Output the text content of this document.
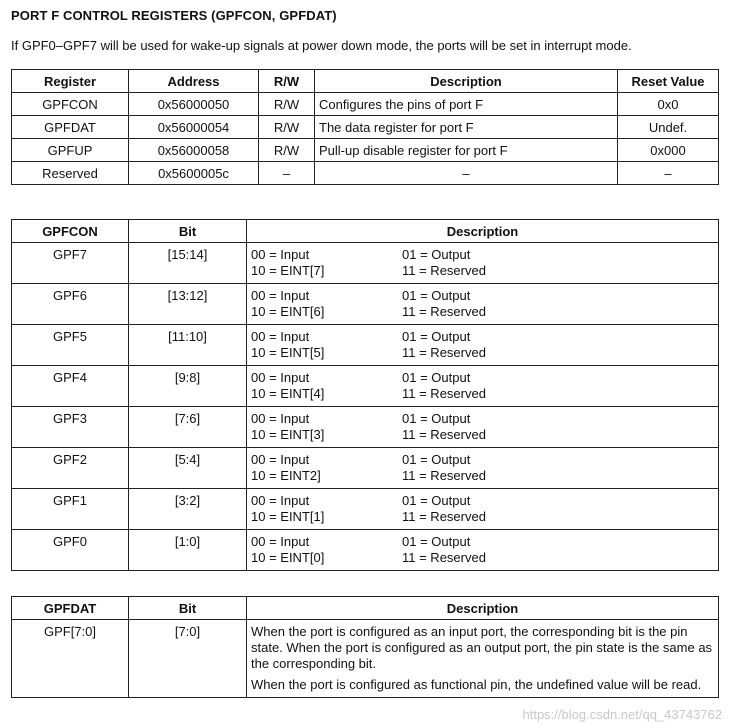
PORT F CONTROL REGISTERS (GPFCON, GPFDAT)
If GPF0–GPF7 will be used for wake-up signals at power down mode, the ports will be set in interrupt mode.
Register	Address	R/W	Description	Reset Value
GPFCON	0x56000050	R/W	Configures the pins of port F	0x0
GPFDAT	0x56000054	R/W	The data register for port F	Undef.
GPFUP	0x56000058	R/W	Pull-up disable register for port F	0x000
Reserved	0x5600005c	–	–	–
GPFCON	Bit	Description
GPF7	[15:14]	00 = Input 01 = Output
10 = EINT[7] 11 = Reserved

GPF6	[13:12]	00 = Input 01 = Output
10 = EINT[6] 11 = Reserved

GPF5	[11:10]	00 = Input 01 = Output
10 = EINT[5] 11 = Reserved

GPF4	[9:8]	00 = Input 01 = Output
10 = EINT[4] 11 = Reserved

GPF3	[7:6]	00 = Input 01 = Output
10 = EINT[3] 11 = Reserved

GPF2	[5:4]	00 = Input 01 = Output
10 = EINT2] 11 = Reserved

GPF1	[3:2]	00 = Input 01 = Output
10 = EINT[1] 11 = Reserved

GPF0	[1:0]	00 = Input 01 = Output
10 = EINT[0] 11 = Reserved
GPFDAT	Bit	Description
GPF[7:0]	[7:0]	When the port is configured as an input port, the corresponding bit is the pin state. When the port is configured as an output port, the pin state is the same as the corresponding bit.
When the port is configured as functional pin, the undefined value will be read.
https://blog.csdn.net/qq_43743762
